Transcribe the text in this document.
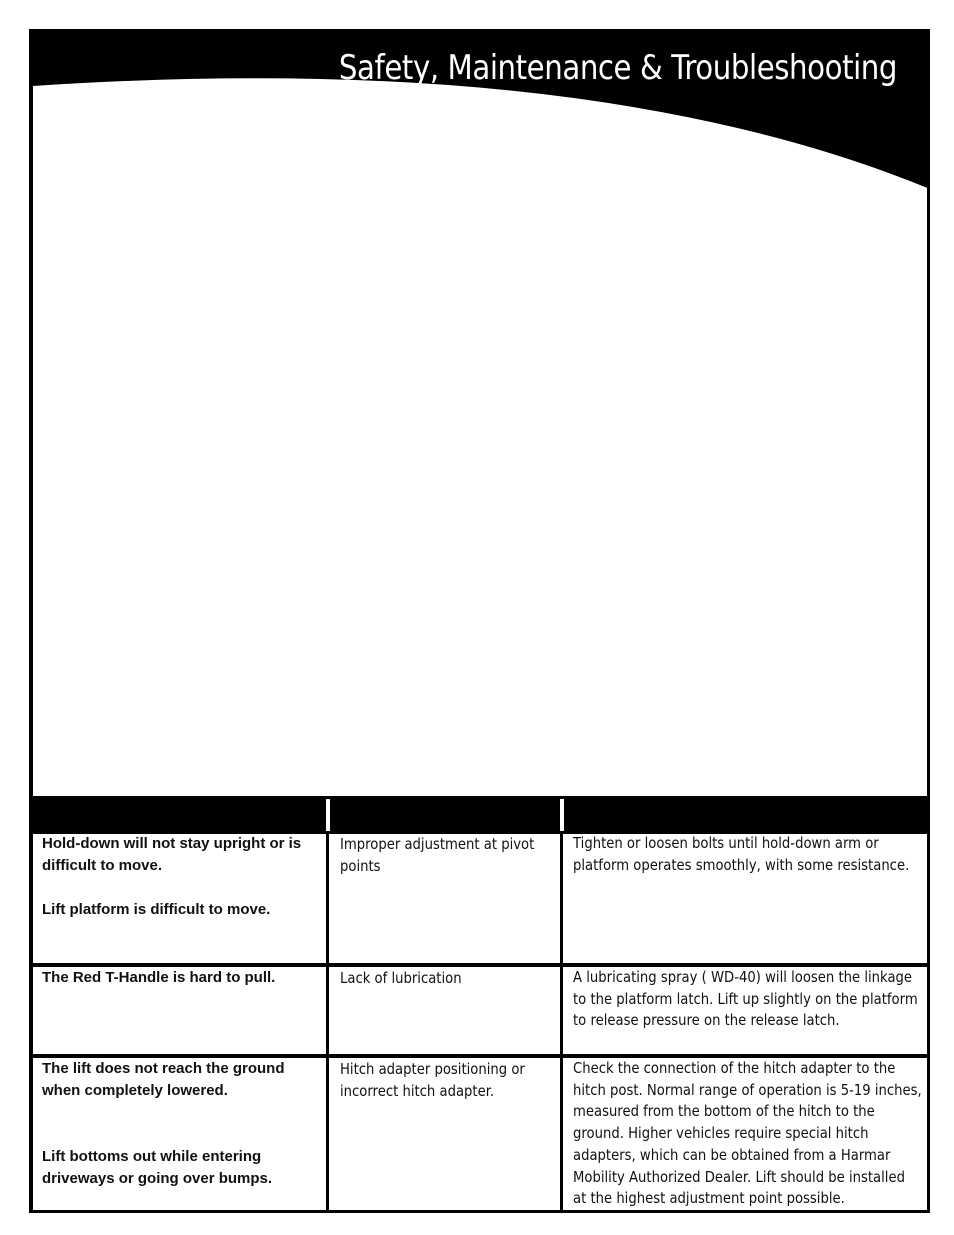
Safety, Maintenance & Troubleshooting
Hold-down will not stay upright or is difficult to move.
Lift platform is difficult to move.
Improper adjustment at pivot points
Tighten or loosen bolts until hold-down arm or platform operates smoothly, with some resistance.
The Red T-Handle is hard to pull.	Lack of lubrication	A lubricating spray ( WD-40) will loosen the linkage to the platform latch. Lift up slightly on the platform
to release pressure on the release latch.
The lift does not reach the ground when completely lowered.
Lift bottoms out while entering driveways or going over bumps.
Hitch adapter positioning or incorrect hitch adapter.
Check the connection of the hitch adapter to the hitch post. Normal range of operation is 5-19 inches, measured from the bottom of the hitch to the ground. Higher vehicles require special hitch adapters, which can be obtained from a Harmar Mobility Authorized Dealer. Lift should be installed at the highest adjustment point possible.
